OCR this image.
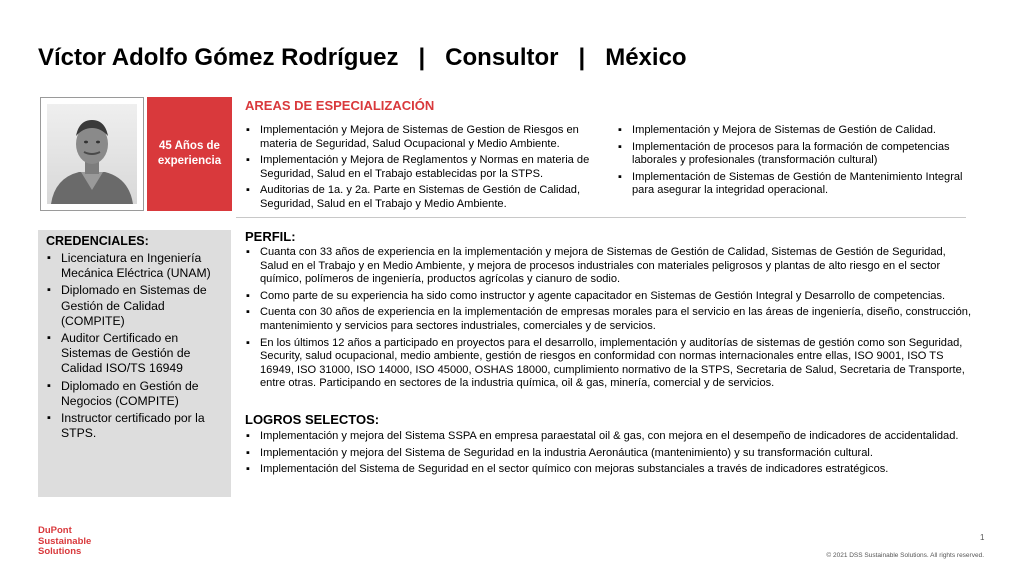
Víctor Adolfo Gómez Rodríguez   |   Consultor   |   México
45 Años de experiencia
AREAS DE ESPECIALIZACIÓN
▪ Implementación y Mejora de Sistemas de Gestion de Riesgos en materia de Seguridad, Salud Ocupacional y Medio Ambiente.
▪ Implementación y Mejora de Reglamentos y Normas en materia de Seguridad, Salud en el Trabajo establecidas por la STPS.
▪ Auditorias de 1a. y 2a. Parte en Sistemas de Gestión de Calidad, Seguridad, Salud en el Trabajo y Medio Ambiente.
▪ Implementación y Mejora de Sistemas de Gestión de Calidad.
▪ Implementación de procesos para la formación de competencias laborales y profesionales (transformación cultural)
▪ Implementación de Sistemas de Gestión de Mantenimiento Integral para asegurar la integridad operacional.
CREDENCIALES:
▪ Licenciatura en Ingeniería Mecánica Eléctrica (UNAM)
▪ Diplomado en Sistemas de Gestión de Calidad (COMPITE)
▪ Auditor Certificado en Sistemas de Gestión de Calidad ISO/TS 16949
▪ Diplomado en Gestión de Negocios (COMPITE)
▪ Instructor certificado por la STPS.
PERFIL:
▪ Cuanta con 33 años de experiencia en la implementación y mejora de Sistemas de Gestión de Calidad, Sistemas de Gestión de Seguridad, Salud en el Trabajo y en Medio Ambiente, y mejora de procesos industriales con materiales peligrosos y plantas de alto riesgo en el sector químico, polímeros de ingeniería, productos agrícolas y cianuro de sodio.
▪ Como parte de su experiencia ha sido como instructor y agente capacitador en Sistemas de Gestión Integral y Desarrollo de competencias.
▪ Cuenta con 30 años de experiencia en la implementación de empresas morales para el servicio en las áreas de ingeniería, diseño, construcción, mantenimiento y servicios para sectores industriales, comerciales y de servicios.
▪ En los últimos 12 años a participado en proyectos para el desarrollo, implementación y auditorías de sistemas de gestión como son Seguridad, Security, salud ocupacional, medio ambiente, gestión de riesgos en conformidad con normas internacionales entre ellas, ISO 9001, ISO TS 16949, ISO 31000, ISO 14000, ISO 45000, OSHAS 18000, cumplimiento normativo de la STPS, Secretaria de Salud, Secretaria de Transporte, entre otras. Participando en sectores de la industria química, oil & gas, minería, comercial y de servicios.
LOGROS SELECTOS:
▪ Implementación y mejora del Sistema SSPA en empresa paraestatal oil & gas, con mejora en el desempeño de indicadores de accidentalidad.
▪ Implementación y mejora del Sistema de Seguridad en la industria Aeronáutica (mantenimiento) y su transformación cultural.
▪ Implementación del Sistema de Seguridad en el sector químico con mejoras substanciales a través de indicadores estratégicos.
DuPont
Sustainable
Solutions
1
© 2021 DSS Sustainable Solutions. All rights reserved.
